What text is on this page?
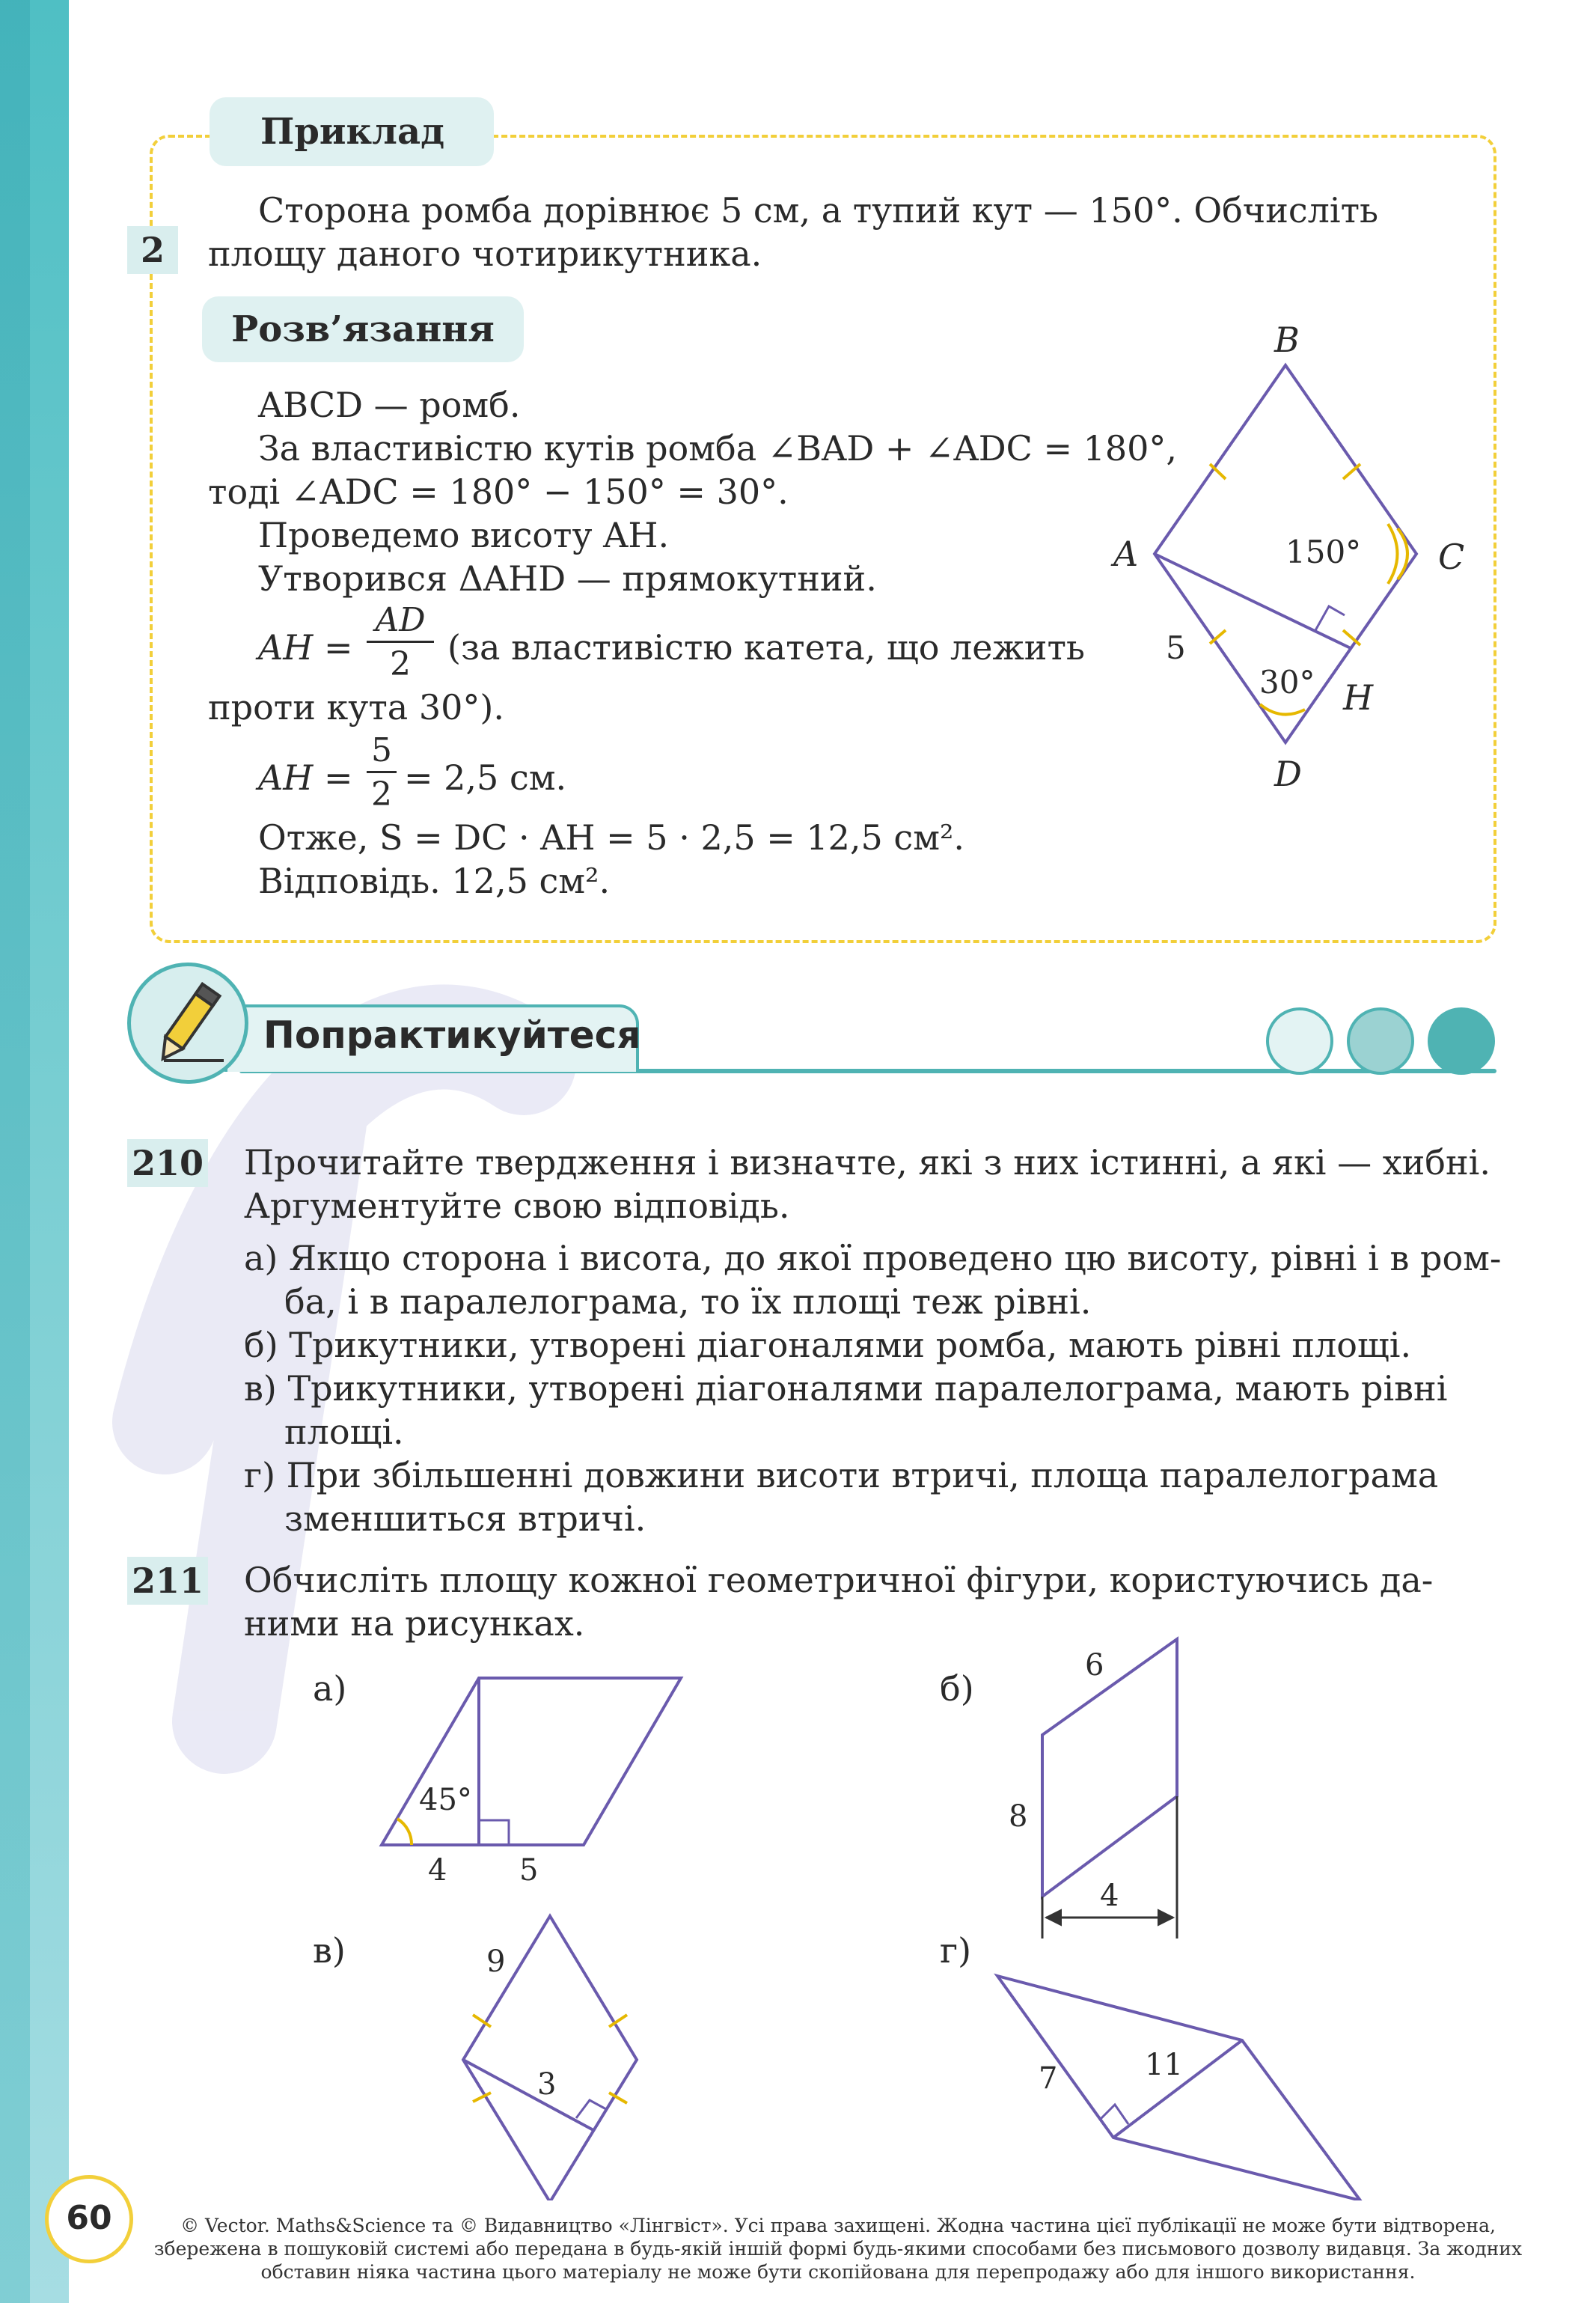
Приклад
2
Сторона ромба дорівнює 5 см, а тупий кут — 150°. Обчисліть
площу даного чотирикутника.
Розв’язання
ABCD — ромб.
За властивістю кутів ромба ∠BAD + ∠ADC = 180°,
тоді ∠ADC = 180° − 150° = 30°.
Проведемо висоту AH.
Утворився ΔAHD — прямокутний.
AH =
AD
2	(за властивістю катета, що лежить
проти кута 30°).
AH =
5
2 = 2,5 см.
Отже, S = DC · AH = 5 · 2,5 = 12,5 см².
Відповідь. 12,5 см².
B
A	C
D
H
150°
30°
5
Попрактикуйтеся
210 Прочитайте твердження і визначте, які з них істинні, а які — хибні.
Аргументуйте свою відповідь.
а) Якщо сторона і висота, до якої проведено цю висоту, рівні і в ром-
ба, і в паралелограма, то їх площі теж рівні.
б) Трикутники, утворені діагоналями ромба, мають рівні площі.
в) Трикутники, утворені діагоналями паралелограма, мають рівні
площі.
г) При збільшенні довжини висоти втричі, площа паралелограма
зменшиться втричі.
211 Обчисліть площу кожної геометричної фігури, користуючись да-
ними на рисунках.
а)	б)
в)	г)
45°
4 5
6
8
4
9
3	7	11
60	© Vector. Maths&Science та © Видавництво «Лінгвіст». Усі права захищені. Жодна частина цієї публікації не може бути відтворена,
збережена в пошуковій системі або передана в будь-якій іншій формі будь-якими способами без письмового дозволу видавця. За жодних
обставин ніяка частина цього матеріалу не може бути скопійована для перепродажу або для іншого використання.
